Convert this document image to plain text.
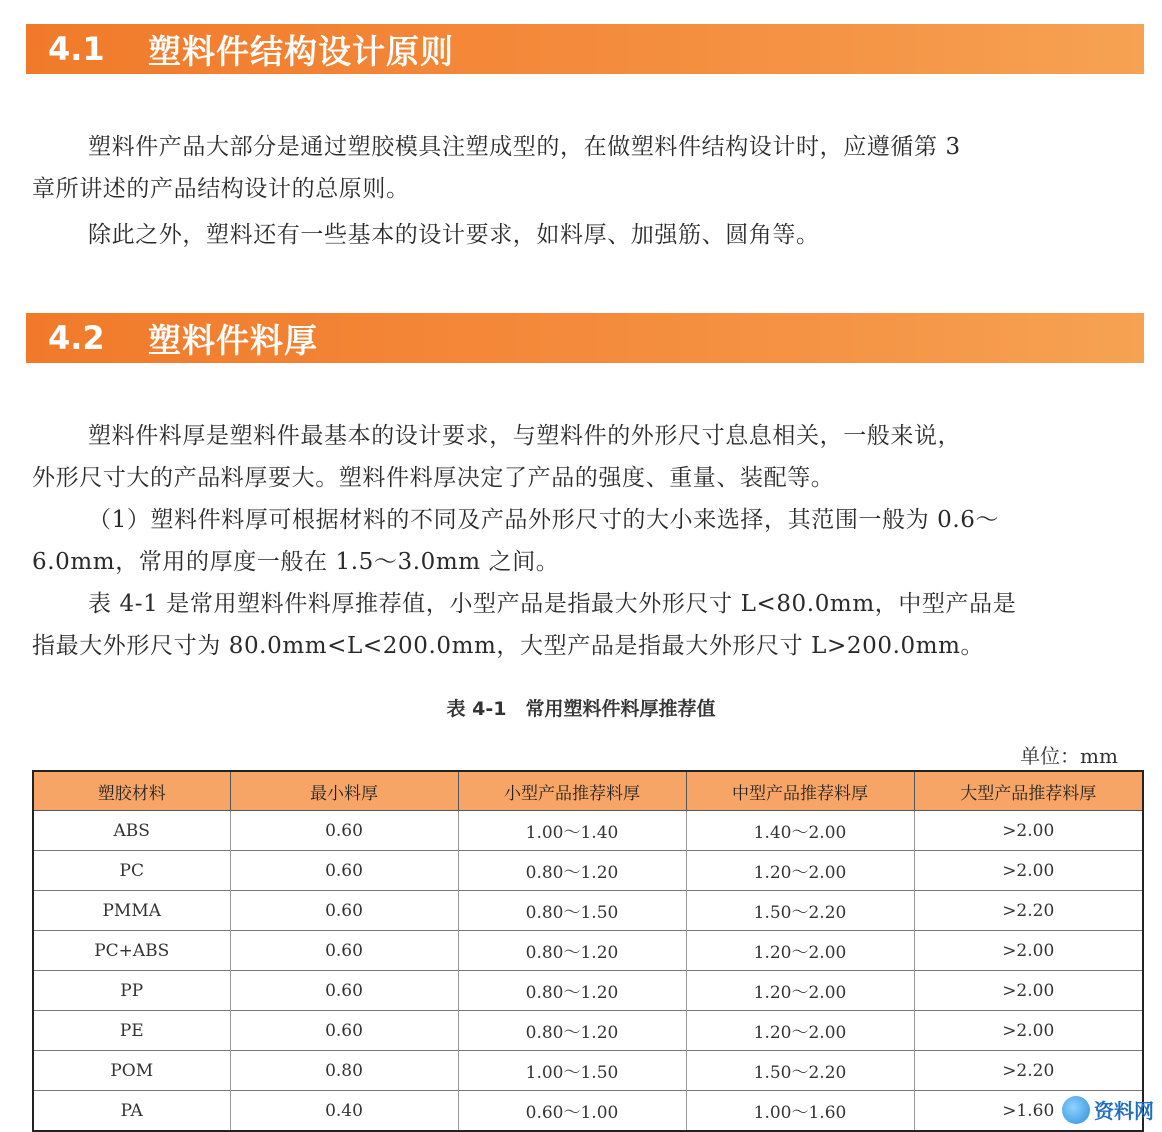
4.1	塑料件结构设计原则
塑料件产品大部分是通过塑胶模具注塑成型的，在做塑料件结构设计时，应遵循第 3
章所讲述的产品结构设计的总原则。
除此之外，塑料还有一些基本的设计要求，如料厚、加强筋、圆角等。
4.2	塑料件料厚
塑料件料厚是塑料件最基本的设计要求，与塑料件的外形尺寸息息相关，一般来说，
外形尺寸大的产品料厚要大。塑料件料厚决定了产品的强度、重量、装配等。
（1）塑料件料厚可根据材料的不同及产品外形尺寸的大小来选择，其范围一般为 0.6～
6.0mm，常用的厚度一般在 1.5～3.0mm 之间。
表 4-1 是常用塑料件料厚推荐值，小型产品是指最大外形尺寸 L<80.0mm，中型产品是
指最大外形尺寸为 80.0mm<L<200.0mm，大型产品是指最大外形尺寸 L>200.0mm。
表 4-1　常用塑料件料厚推荐值
单位：mm
塑胶材料	最小料厚	小型产品推荐料厚	中型产品推荐料厚	大型产品推荐料厚
ABS	0.60	1.00～1.40	1.40～2.00	>2.00
PC	0.60	0.80～1.20	1.20～2.00	>2.00
PMMA	0.60	0.80～1.50	1.50～2.20	>2.20
PC+ABS	0.60	0.80～1.20	1.20～2.00	>2.00
PP	0.60	0.80～1.20	1.20～2.00	>2.00
PE	0.60	0.80～1.20	1.20～2.00	>2.00
POM	0.80	1.00～1.50	1.50～2.20	>2.20
PA	0.40	0.60～1.00	1.00～1.60	>1.60 资料网
